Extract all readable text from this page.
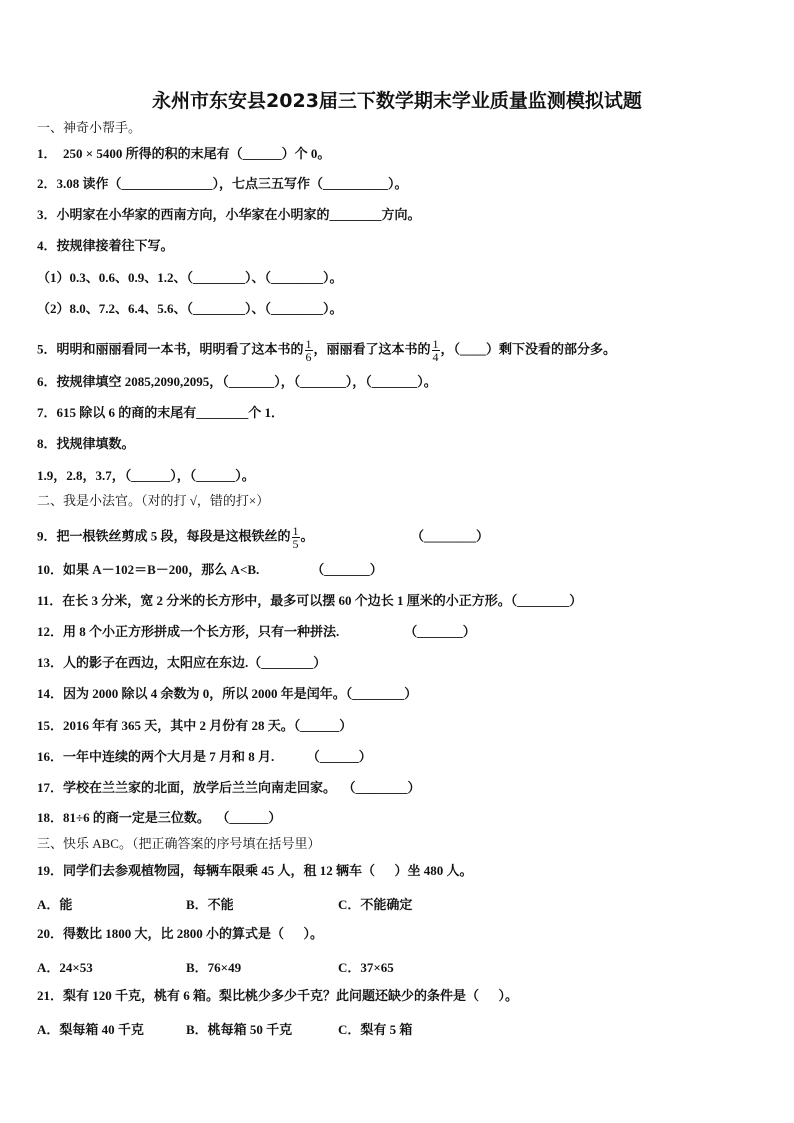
永州市东安县2023届三下数学期末学业质量监测模拟试题
一、神奇小帮手。
1．  250 × 5400 所得的积的末尾有（______）个 0。
2．3.08 读作（______________），七点三五写作（__________）。
3．小明家在小华家的西南方向，小华家在小明家的________方向。
4．按规律接着往下写。
（1）0.3、0.6、0.9、1.2、（________）、（________）。
（2）8.0、7.2、6.4、5.6、（________）、（________）。
5．明明和丽丽看同一本书，明明看了这本书的 $\frac{1}{6}$ ，丽丽看了这本书的 $\frac{1}{4}$ ，（____）剩下没看的部分多。
6．按规律填空 2085,2090,2095，（_______），（_______），（_______）。
7．615 除以 6 的商的末尾有________个 1．
8．找规律填数。
1.9，2.8，3.7，（______），（______）。
二、我是小法官。（对的打 √，错的打×）
9．把一根铁丝剪成 5 段，每段是这根铁丝的 $\frac{1}{5}$ 。                              （________）
10．如果 A－102＝B－200，那么 A<B.                （_______）
11．在长 3 分米，宽 2 分米的长方形中，最多可以摆 60 个边长 1 厘米的小正方形。（________）
12．用 8 个小正方形拼成一个长方形，只有一种拼法.                    （_______）
13．人的影子在西边，太阳应在东边.（________）
14．因为 2000 除以 4 余数为 0，所以 2000 年是闰年。（________）
15．2016 年有 365 天，其中 2 月份有 28 天。（______）
16．一年中连续的两个大月是 7 月和 8 月.          （______）
17．学校在兰兰家的北面，放学后兰兰向南走回家。  （________）
18．81÷6 的商一定是三位数。  （______）
三、快乐 ABC。（把正确答案的序号填在括号里）
19．同学们去参观植物园，每辆车限乘 45 人，租 12 辆车（      ）坐 480 人。
20．得数比 1800 大，比 2800 小的算式是（      ）。
21．梨有 120 千克，桃有 6 箱。梨比桃少多少千克？此问题还缺少的条件是（      ）。
A．能	B．不能	C．不能确定
A．24×53	B．76×49	C．37×65
A．梨每箱 40 千克	B．桃每箱 50 千克	C．梨有 5 箱
